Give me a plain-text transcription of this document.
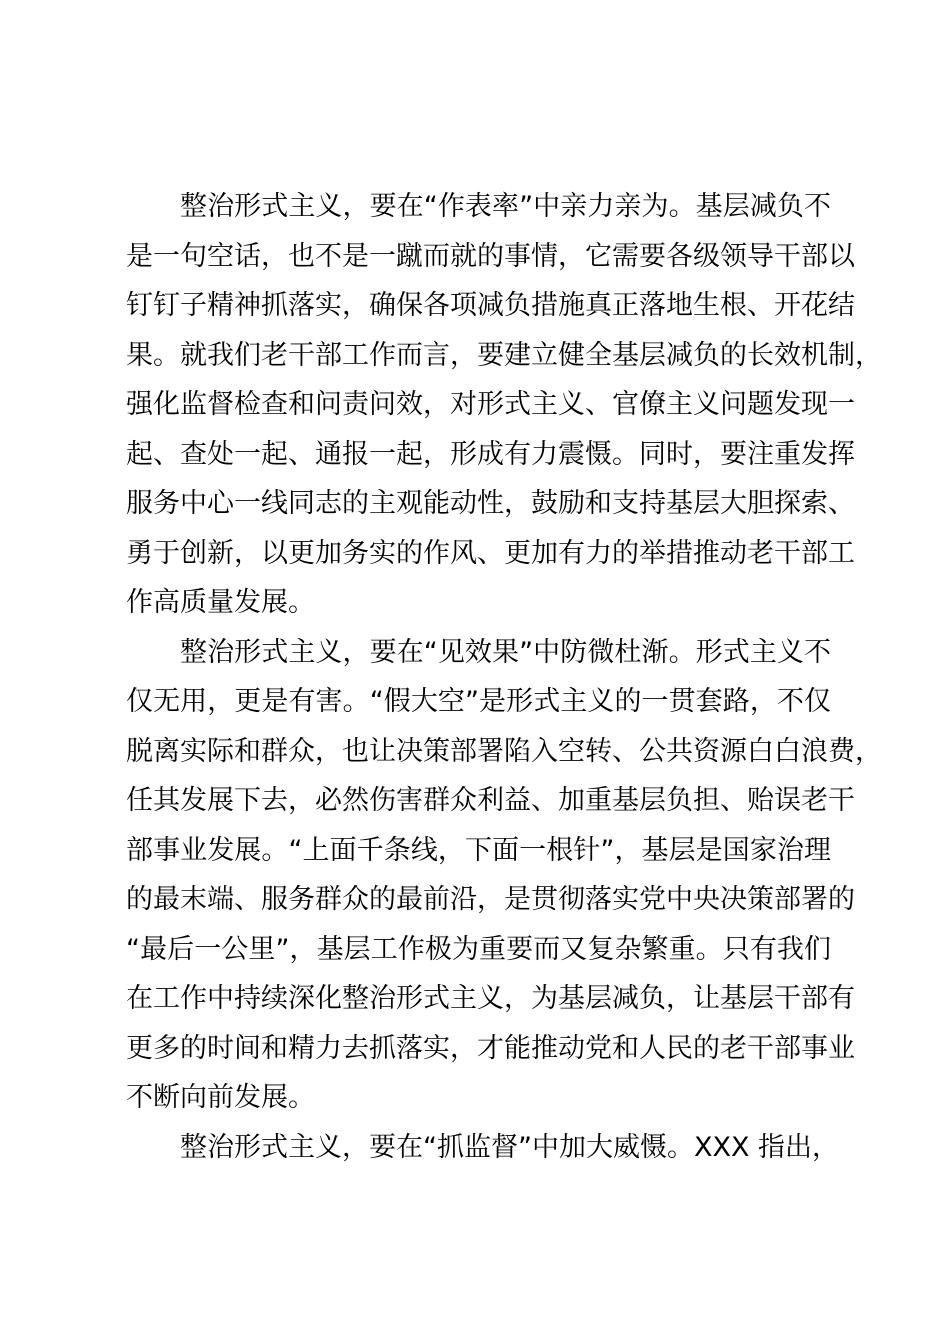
整治形式主义，要在“作表率”中亲力亲为。基层减负不
是一句空话，也不是一蹴而就的事情，它需要各级领导干部以
钉钉子精神抓落实，确保各项减负措施真正落地生根、开花结
果。就我们老干部工作而言，要建立健全基层减负的长效机制，
强化监督检查和问责问效，对形式主义、官僚主义问题发现一
起、查处一起、通报一起，形成有力震慑。同时，要注重发挥
服务中心一线同志的主观能动性，鼓励和支持基层大胆探索、
勇于创新，以更加务实的作风、更加有力的举措推动老干部工
作高质量发展。
整治形式主义，要在“见效果”中防微杜渐。形式主义不
仅无用，更是有害。“假大空”是形式主义的一贯套路，不仅
脱离实际和群众，也让决策部署陷入空转、公共资源白白浪费，
任其发展下去，必然伤害群众利益、加重基层负担、贻误老干
部事业发展。“上面千条线，下面一根针”，基层是国家治理
的最末端、服务群众的最前沿，是贯彻落实党中央决策部署的
“最后一公里”，基层工作极为重要而又复杂繁重。只有我们
在工作中持续深化整治形式主义，为基层减负，让基层干部有
更多的时间和精力去抓落实，才能推动党和人民的老干部事业
不断向前发展。
整治形式主义，要在“抓监督”中加大威慑。XXX 指出，
